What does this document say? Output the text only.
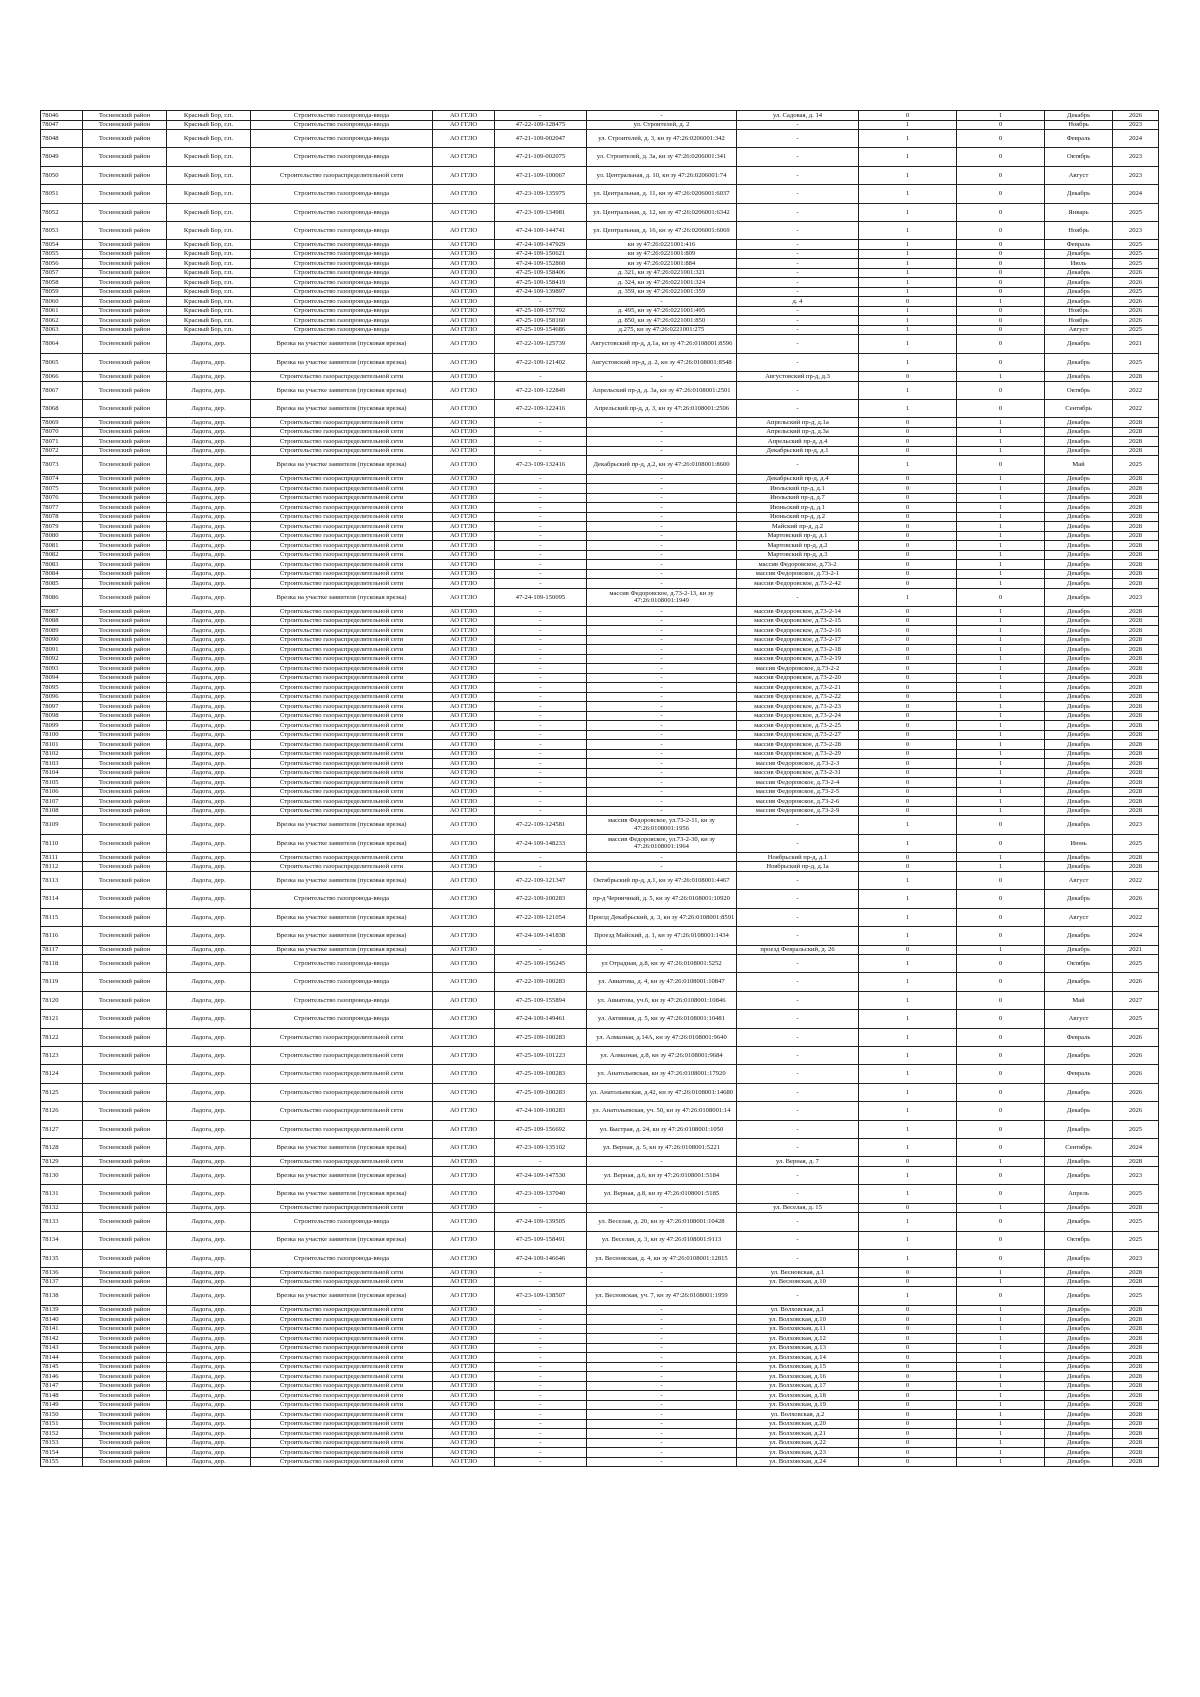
78046	Тосненский район	Красный Бор, г.п.	Строительство газопровода-ввода	АО ГГЛО	-	-	ул. Садовая, д. 14	0	1	Декабрь	2026
78047	Тосненский район	Красный Бор, г.п.	Строительство газопровода-ввода	АО ГГЛО	47-22-109-128475	ул. Строителей, д. 2	-	1	0	Ноябрь	2023
78048	Тосненский район	Красный Бор, г.п.	Строительство газопровода-ввода	АО ГГЛО	47-21-109-002047	ул. Строителей, д. 3, кн зу 47:26:0206001:342	-	1	0	Февраль	2024
78049	Тосненский район	Красный Бор, г.п.	Строительство газопровода-ввода	АО ГГЛО	47-21-109-002075	ул. Строителей, д. 3а, кн зу 47:26:0206001:341	-	1	0	Октябрь	2023
78050	Тосненский район	Красный Бор, г.п.	Строительство газораспределительной сети	АО ГГЛО	47-21-109-100067	ул. Центральная, д. 10, кн зу 47:26:0206001:74	-	1	0	Август	2023
78051	Тосненский район	Красный Бор, г.п.	Строительство газопровода-ввода	АО ГГЛО	47-23-109-135975	ул. Центральная, д. 11, кн зу 47:26:0206001:6037	-	1	0	Декабрь	2024
78052	Тосненский район	Красный Бор, г.п.	Строительство газопровода-ввода	АО ГГЛО	47-23-109-134981	ул. Центральная, д. 12, кн зу 47:26:0206001:6342	-	1	0	Январь	2025
78053	Тосненский район	Красный Бор, г.п.	Строительство газопровода-ввода	АО ГГЛО	47-24-109-144741	ул. Центральная, д. 16, кн зу 47:26:0206001:6069	-	1	0	Ноябрь	2023
78054	Тосненский район	Красный Бор, г.п.	Строительство газопровода-ввода	АО ГГЛО	47-24-109-147929	кн зу 47:26:0221001:416	-	1	0	Февраль	2025
78055	Тосненский район	Красный Бор, г.п.	Строительство газопровода-ввода	АО ГГЛО	47-24-109-150621	кн зу 47:26:0221001:809	-	1	0	Декабрь	2025
78056	Тосненский район	Красный Бор, г.п.	Строительство газопровода-ввода	АО ГГЛО	47-24-109-152860	кн зу 47:26:0221001:884	-	1	0	Июль	2025
78057	Тосненский район	Красный Бор, г.п.	Строительство газопровода-ввода	АО ГГЛО	47-25-109-158406	д. 321, кн зу 47:26:0221001:321	-	1	0	Декабрь	2026
78058	Тосненский район	Красный Бор, г.п.	Строительство газопровода-ввода	АО ГГЛО	47-25-109-158419	д. 324, кн зу 47:26:0221001:324	-	1	0	Декабрь	2026
78059	Тосненский район	Красный Бор, г.п.	Строительство газопровода-ввода	АО ГГЛО	47-24-109-139897	д. 359, кн зу 47:26:0221001:359	-	1	0	Декабрь	2025
78060	Тосненский район	Красный Бор, г.п.	Строительство газопровода-ввода	АО ГГЛО	-	-	д. 4	0	1	Декабрь	2026
78061	Тосненский район	Красный Бор, г.п.	Строительство газопровода-ввода	АО ГГЛО	47-25-109-157792	д. 495, кн зу 47:26:0221001:495	-	1	0	Ноябрь	2026
78062	Тосненский район	Красный Бор, г.п.	Строительство газопровода-ввода	АО ГГЛО	47-25-109-158160	д. 850, кн зу 47:26:0221001:850	-	1	0	Ноябрь	2026
78063	Тосненский район	Красный Бор, г.п.	Строительство газопровода-ввода	АО ГГЛО	47-25-109-154686	д.275, кн зу 47:26:0221001:275	-	1	0	Август	2025
78064	Тосненский район	Ладога, дер.	Врезка на участке заявителя (пусковая врезка)	АО ГГЛО	47-22-109-125739	Августовский пр-д, д.1а, кн зу 47:26:0108001:8596	-	1	0	Декабрь	2021
78065	Тосненский район	Ладога, дер.	Врезка на участке заявителя (пусковая врезка)	АО ГГЛО	47-22-109-121402	Августовский пр-д, д. 2, кн зу 47:26:0108001:8548	-	1	0	Декабрь	2025
78066	Тосненский район	Ладога, дер.	Строительство газораспределительной сети	АО ГГЛО	-	-	Августовский пр-д, д.3	0	1	Декабрь	2028
78067	Тосненский район	Ладога, дер.	Врезка на участке заявителя (пусковая врезка)	АО ГГЛО	47-22-109-122849	Апрельский пр-д, д. 3а, кн зу 47:26:0108001:2501	-	1	0	Октябрь	2022
78068	Тосненский район	Ладога, дер.	Врезка на участке заявителя (пусковая врезка)	АО ГГЛО	47-22-109-122416	Апрельский пр-д, д. 3, кн зу 47:26:0108001:2506	-	1	0	Сентябрь	2022
78069	Тосненский район	Ладога, дер.	Строительство газораспределительной сети	АО ГГЛО	-	-	Апрельский пр-д, д.1а	0	1	Декабрь	2028
78070	Тосненский район	Ладога, дер.	Строительство газораспределительной сети	АО ГГЛО	-	-	Апрельский пр-д, д.3а	0	1	Декабрь	2028
78071	Тосненский район	Ладога, дер.	Строительство газораспределительной сети	АО ГГЛО	-	-	Апрельский пр-д, д.4	0	1	Декабрь	2028
78072	Тосненский район	Ладога, дер.	Строительство газораспределительной сети	АО ГГЛО	-	-	Декабрьский пр-д, д.1	0	1	Декабрь	2028
78073	Тосненский район	Ладога, дер.	Врезка на участке заявителя (пусковая врезка)	АО ГГЛО	47-23-109-132416	Декабрьский пр-д, д.2, кн зу 47:26:0108001:8600	-	1	0	Май	2025
78074	Тосненский район	Ладога, дер.	Строительство газораспределительной сети	АО ГГЛО	-	-	Декабрьский пр-д, д.4	0	1	Декабрь	2028
78075	Тосненский район	Ладога, дер.	Строительство газораспределительной сети	АО ГГЛО	-	-	Июльский пр-д, д.1	0	1	Декабрь	2028
78076	Тосненский район	Ладога, дер.	Строительство газораспределительной сети	АО ГГЛО	-	-	Июльский пр-д, д.7	0	1	Декабрь	2028
78077	Тосненский район	Ладога, дер.	Строительство газораспределительной сети	АО ГГЛО	-	-	Июньский пр-д, д.1	0	1	Декабрь	2028
78078	Тосненский район	Ладога, дер.	Строительство газораспределительной сети	АО ГГЛО	-	-	Июньский пр-д, д.2	0	1	Декабрь	2028
78079	Тосненский район	Ладога, дер.	Строительство газораспределительной сети	АО ГГЛО	-	-	Майский пр-д, д.2	0	1	Декабрь	2028
78080	Тосненский район	Ладога, дер.	Строительство газораспределительной сети	АО ГГЛО	-	-	Мартовский пр-д, д.1	0	1	Декабрь	2028
78081	Тосненский район	Ладога, дер.	Строительство газораспределительной сети	АО ГГЛО	-	-	Мартовский пр-д, д.2	0	1	Декабрь	2028
78082	Тосненский район	Ладога, дер.	Строительство газораспределительной сети	АО ГГЛО	-	-	Мартовский пр-д, д.3	0	1	Декабрь	2028
78083	Тосненский район	Ладога, дер.	Строительство газораспределительной сети	АО ГГЛО	-	-	массив Федоровское, д.73-2	0	1	Декабрь	2028
78084	Тосненский район	Ладога, дер.	Строительство газораспределительной сети	АО ГГЛО	-	-	массив Федоровское, д.73-2-1	0	1	Декабрь	2028
78085	Тосненский район	Ладога, дер.	Строительство газораспределительной сети	АО ГГЛО	-	-	массив Федоровское, д.73-2-42	0	1	Декабрь	2028
78086	Тосненский район	Ладога, дер.	Врезка на участке заявителя (пусковая врезка)	АО ГГЛО	47-24-109-150095	массив Федоровское, д.73-2-13, кн зу 47:26:0108001:1949	-	1	0	Декабрь	2023
78087	Тосненский район	Ладога, дер.	Строительство газораспределительной сети	АО ГГЛО	-	-	массив Федоровское, д.73-2-14	0	1	Декабрь	2028
78088	Тосненский район	Ладога, дер.	Строительство газораспределительной сети	АО ГГЛО	-	-	массив Федоровское, д.73-2-15	0	1	Декабрь	2028
78089	Тосненский район	Ладога, дер.	Строительство газораспределительной сети	АО ГГЛО	-	-	массив Федоровское, д.73-2-16	0	1	Декабрь	2028
78090	Тосненский район	Ладога, дер.	Строительство газораспределительной сети	АО ГГЛО	-	-	массив Федоровское, д.73-2-17	0	1	Декабрь	2028
78091	Тосненский район	Ладога, дер.	Строительство газораспределительной сети	АО ГГЛО	-	-	массив Федоровское, д.73-2-18	0	1	Декабрь	2028
78092	Тосненский район	Ладога, дер.	Строительство газораспределительной сети	АО ГГЛО	-	-	массив Федоровское, д.73-2-19	0	1	Декабрь	2028
78093	Тосненский район	Ладога, дер.	Строительство газораспределительной сети	АО ГГЛО	-	-	массив Федоровское, д.73-2-2	0	1	Декабрь	2028
78094	Тосненский район	Ладога, дер.	Строительство газораспределительной сети	АО ГГЛО	-	-	массив Федоровское, д.73-2-20	0	1	Декабрь	2028
78095	Тосненский район	Ладога, дер.	Строительство газораспределительной сети	АО ГГЛО	-	-	массив Федоровское, д.73-2-21	0	1	Декабрь	2028
78096	Тосненский район	Ладога, дер.	Строительство газораспределительной сети	АО ГГЛО	-	-	массив Федоровское, д.73-2-22	0	1	Декабрь	2028
78097	Тосненский район	Ладога, дер.	Строительство газораспределительной сети	АО ГГЛО	-	-	массив Федоровское, д.73-2-23	0	1	Декабрь	2028
78098	Тосненский район	Ладога, дер.	Строительство газораспределительной сети	АО ГГЛО	-	-	массив Федоровское, д.73-2-24	0	1	Декабрь	2028
78099	Тосненский район	Ладога, дер.	Строительство газораспределительной сети	АО ГГЛО	-	-	массив Федоровское, д.73-2-25	0	1	Декабрь	2028
78100	Тосненский район	Ладога, дер.	Строительство газораспределительной сети	АО ГГЛО	-	-	массив Федоровское, д.73-2-27	0	1	Декабрь	2028
78101	Тосненский район	Ладога, дер.	Строительство газораспределительной сети	АО ГГЛО	-	-	массив Федоровское, д.73-2-28	0	1	Декабрь	2028
78102	Тосненский район	Ладога, дер.	Строительство газораспределительной сети	АО ГГЛО	-	-	массив Федоровское, д.73-2-29	0	1	Декабрь	2028
78103	Тосненский район	Ладога, дер.	Строительство газораспределительной сети	АО ГГЛО	-	-	массив Федоровское, д.73-2-3	0	1	Декабрь	2028
78104	Тосненский район	Ладога, дер.	Строительство газораспределительной сети	АО ГГЛО	-	-	массив Федоровское, д.73-2-31	0	1	Декабрь	2028
78105	Тосненский район	Ладога, дер.	Строительство газораспределительной сети	АО ГГЛО	-	-	массив Федоровское, д.73-2-4	0	1	Декабрь	2028
78106	Тосненский район	Ладога, дер.	Строительство газораспределительной сети	АО ГГЛО	-	-	массив Федоровское, д.73-2-5	0	1	Декабрь	2028
78107	Тосненский район	Ладога, дер.	Строительство газораспределительной сети	АО ГГЛО	-	-	массив Федоровское, д.73-2-6	0	1	Декабрь	2028
78108	Тосненский район	Ладога, дер.	Строительство газораспределительной сети	АО ГГЛО	-	-	массив Федоровское, д.73-2-9	0	1	Декабрь	2028
78109	Тосненский район	Ладога, дер.	Врезка на участке заявителя (пусковая врезка)	АО ГГЛО	47-22-109-124581	массив Федоровское, ул.73-2-11, кн зу 47:26:0108001:1956	-	1	0	Декабрь	2023
78110	Тосненский район	Ладога, дер.	Врезка на участке заявителя (пусковая врезка)	АО ГГЛО	47-24-109-148233	массив Федоровское, ул.73-2-30, кн зу 47:26:0108001:1964	-	1	0	Июнь	2025
78111	Тосненский район	Ладога, дер.	Строительство газораспределительной сети	АО ГГЛО	-	-	Ноябрьский пр-д, д.1	0	1	Декабрь	2028
78112	Тосненский район	Ладога, дер.	Строительство газораспределительной сети	АО ГГЛО	-	-	Ноябрьский пр-д, д.1а	0	1	Декабрь	2028
78113	Тосненский район	Ладога, дер.	Врезка на участке заявителя (пусковая врезка)	АО ГГЛО	47-22-109-121347	Октябрьский пр-д, д.1, кн зу 47:26:0108001:4467	-	1	0	Август	2022
78114	Тосненский район	Ладога, дер.	Строительство газопровода-ввода	АО ГГЛО	47-22-109-100283	пр-д Черничный, д. 5, кн зу 47:26:0108001:10920	-	1	0	Декабрь	2026
78115	Тосненский район	Ладога, дер.	Врезка на участке заявителя (пусковая врезка)	АО ГГЛО	47-22-109-121054	Проезд Декабрьский, д. 3, кн зу 47:26:0108001:8591	-	1	0	Август	2022
78116	Тосненский район	Ладога, дер.	Врезка на участке заявителя (пусковая врезка)	АО ГГЛО	47-24-109-141838	Проезд Майский, д. 1, кн зу 47:26:0108001:1434	-	1	0	Декабрь	2024
78117	Тосненский район	Ладога, дер.	Врезка на участке заявителя (пусковая врезка)	АО ГГЛО	-	-	проезд Февральский, д. 26	0	1	Декабрь	2021
78118	Тосненский район	Ладога, дер.	Строительство газопровода-ввода	АО ГГЛО	47-25-109-156245	ул Отрадная, д.8, кн зу 47:26:0108001:5252	-	1	0	Октябрь	2025
78119	Тосненский район	Ладога, дер.	Строительство газопровода-ввода	АО ГГЛО	47-22-109-100283	ул. Авиатова, д. 4, кн зу 47:26:0108001:10847	-	1	0	Декабрь	2026
78120	Тосненский район	Ладога, дер.	Строительство газопровода-ввода	АО ГГЛО	47-25-109-155894	ул. Авиатова, уч.6, кн зу 47:26:0108001:10846	-	1	0	Май	2027
78121	Тосненский район	Ладога, дер.	Строительство газопровода-ввода	АО ГГЛО	47-24-109-149461	ул. Активная, д. 5, кн зу 47:26:0108001:10481	-	1	0	Август	2025
78122	Тосненский район	Ладога, дер.	Строительство газораспределительной сети	АО ГГЛО	47-25-109-100283	ул. Алмазная, д.14А, кн зу 47:26:0108001:9640	-	1	0	Февраль	2026
78123	Тосненский район	Ладога, дер.	Строительство газораспределительной сети	АО ГГЛО	47-25-109-101223	ул. Алмазная, д.8, кн зу 47:26:0108001:9684	-	1	0	Декабрь	2026
78124	Тосненский район	Ладога, дер.	Строительство газораспределительной сети	АО ГГЛО	47-25-109-100283	ул. Анатольевская, кн зу 47:26:0108001:17920	-	1	0	Февраль	2026
78125	Тосненский район	Ладога, дер.	Строительство газораспределительной сети	АО ГГЛО	47-25-109-100283	ул. Анатольевская, д.42, кн зу 47:26:0108001:14680	-	1	0	Декабрь	2026
78126	Тосненский район	Ладога, дер.	Строительство газораспределительной сети	АО ГГЛО	47-24-109-100283	ул. Анатольевская, уч. 50, кн зу 47:26:0108001:14	-	1	0	Декабрь	2026
78127	Тосненский район	Ладога, дер.	Строительство газораспределительной сети	АО ГГЛО	47-25-109-156692	ул. Быстрая, д. 24, кн зу 47:26:0108001:1050	-	1	0	Декабрь	2025
78128	Тосненский район	Ладога, дер.	Врезка на участке заявителя (пусковая врезка)	АО ГГЛО	47-23-109-135102	ул. Верная, д. 5, кн зу 47:26:0108001:5221	-	1	0	Сентябрь	2024
78129	Тосненский район	Ладога, дер.	Строительство газораспределительной сети	АО ГГЛО	-	-	ул. Верная, д. 7	0	1	Декабрь	2028
78130	Тосненский район	Ладога, дер.	Врезка на участке заявителя (пусковая врезка)	АО ГГЛО	47-24-109-147530	ул. Верная, д.6, кн зу 47:26:0108001:5184	-	1	0	Декабрь	2023
78131	Тосненский район	Ладога, дер.	Врезка на участке заявителя (пусковая врезка)	АО ГГЛО	47-23-109-137040	ул. Верная, д.8, кн зу 47:26:0108001:5185	-	1	0	Апрель	2025
78132	Тосненский район	Ладога, дер.	Строительство газораспределительной сети	АО ГГЛО	-	-	ул. Веселая, д. 15	0	1	Декабрь	2028
78133	Тосненский район	Ладога, дер.	Строительство газопровода-ввода	АО ГГЛО	47-24-109-139505	ул. Веселая, д. 20, кн зу 47:26:0108001:10428	-	1	0	Декабрь	2025
78134	Тосненский район	Ладога, дер.	Врезка на участке заявителя (пусковая врезка)	АО ГГЛО	47-25-109-158491	ул. Веселая, д. 3, кн зу 47:26:0108001:9113	-	1	0	Октябрь	2025
78135	Тосненский район	Ладога, дер.	Строительство газопровода-ввода	АО ГГЛО	47-24-109-146646	ул. Весновская, д. 4, кн зу 47:26:0108001:12815	-	1	0	Декабрь	2023
78136	Тосненский район	Ладога, дер.	Строительство газораспределительной сети	АО ГГЛО	-	-	ул. Весновская, д.1	0	1	Декабрь	2028
78137	Тосненский район	Ладога, дер.	Строительство газораспределительной сети	АО ГГЛО	-	-	ул. Весновская, д.10	0	1	Декабрь	2028
78138	Тосненский район	Ладога, дер.	Врезка на участке заявителя (пусковая врезка)	АО ГГЛО	47-23-109-138507	ул. Весновская, уч. 7, кн зу 47:26:0108001:1959	-	1	0	Декабрь	2025
78139	Тосненский район	Ладога, дер.	Строительство газораспределительной сети	АО ГГЛО	-	-	ул. Волховская, д.1	0	1	Декабрь	2028
78140	Тосненский район	Ладога, дер.	Строительство газораспределительной сети	АО ГГЛО	-	-	ул. Волховская, д.10	0	1	Декабрь	2028
78141	Тосненский район	Ладога, дер.	Строительство газораспределительной сети	АО ГГЛО	-	-	ул. Волховская, д.11	0	1	Декабрь	2028
78142	Тосненский район	Ладога, дер.	Строительство газораспределительной сети	АО ГГЛО	-	-	ул. Волховская, д.12	0	1	Декабрь	2028
78143	Тосненский район	Ладога, дер.	Строительство газораспределительной сети	АО ГГЛО	-	-	ул. Волховская, д.13	0	1	Декабрь	2028
78144	Тосненский район	Ладога, дер.	Строительство газораспределительной сети	АО ГГЛО	-	-	ул. Волховская, д.14	0	1	Декабрь	2028
78145	Тосненский район	Ладога, дер.	Строительство газораспределительной сети	АО ГГЛО	-	-	ул. Волховская, д.15	0	1	Декабрь	2028
78146	Тосненский район	Ладога, дер.	Строительство газораспределительной сети	АО ГГЛО	-	-	ул. Волховская, д.16	0	1	Декабрь	2028
78147	Тосненский район	Ладога, дер.	Строительство газораспределительной сети	АО ГГЛО	-	-	ул. Волховская, д.17	0	1	Декабрь	2028
78148	Тосненский район	Ладога, дер.	Строительство газораспределительной сети	АО ГГЛО	-	-	ул. Волховская, д.18	0	1	Декабрь	2028
78149	Тосненский район	Ладога, дер.	Строительство газораспределительной сети	АО ГГЛО	-	-	ул. Волховская, д.19	0	1	Декабрь	2028
78150	Тосненский район	Ладога, дер.	Строительство газораспределительной сети	АО ГГЛО	-	-	ул. Волховская, д.2	0	1	Декабрь	2028
78151	Тосненский район	Ладога, дер.	Строительство газораспределительной сети	АО ГГЛО	-	-	ул. Волховская, д.20	0	1	Декабрь	2028
78152	Тосненский район	Ладога, дер.	Строительство газораспределительной сети	АО ГГЛО	-	-	ул. Волховская, д.21	0	1	Декабрь	2028
78153	Тосненский район	Ладога, дер.	Строительство газораспределительной сети	АО ГГЛО	-	-	ул. Волховская, д.22	0	1	Декабрь	2028
78154	Тосненский район	Ладога, дер.	Строительство газораспределительной сети	АО ГГЛО	-	-	ул. Волховская, д.23	0	1	Декабрь	2028
78155	Тосненский район	Ладога, дер.	Строительство газораспределительной сети	АО ГГЛО	-	-	ул. Волховская, д.24	0	1	Декабрь	2028
